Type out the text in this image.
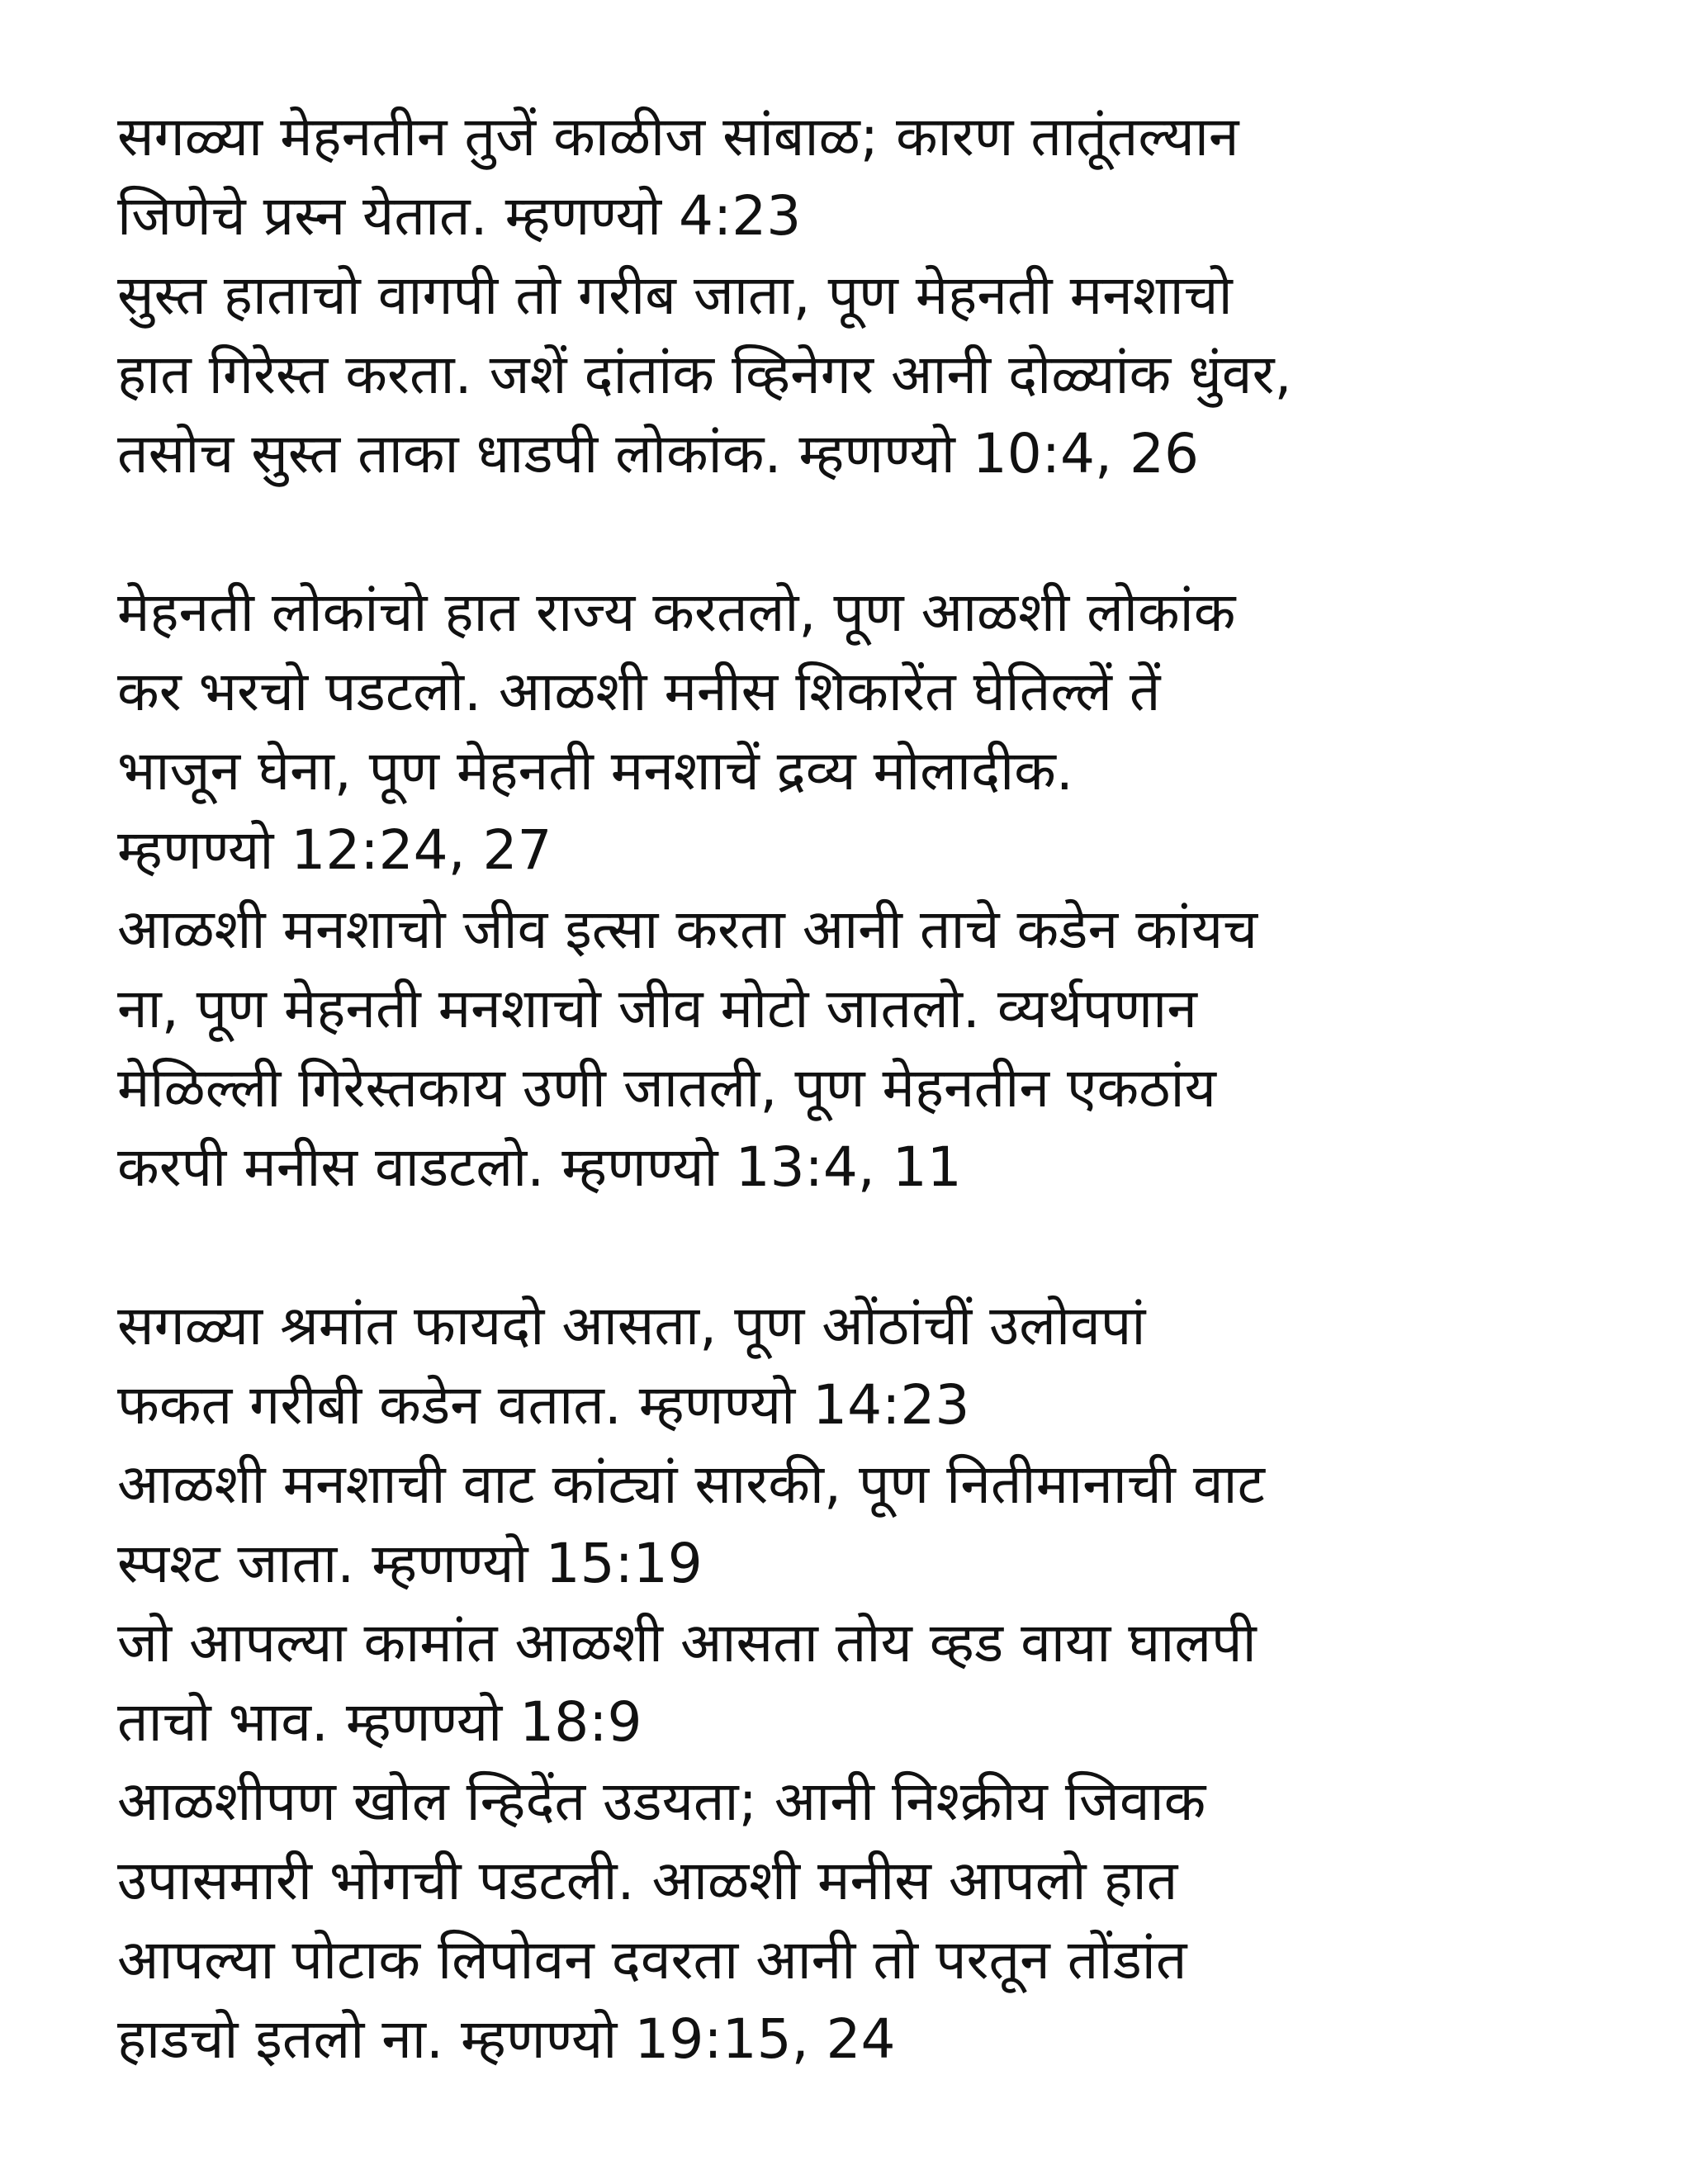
सगळ्या मेहनतीन तुजें काळीज सांबाळ; कारण तातूंतल्यान
जिणेचे प्रस्न येतात. म्हणण्यो 4:23
सुस्त हाताचो वागपी तो गरीब जाता, पूण मेहनती मनशाचो
हात गिरेस्त करता. जशें दांतांक व्हिनेगर आनी दोळ्यांक धुंवर,
तसोच सुस्त ताका धाडपी लोकांक. म्हणण्यो 10:4, 26
मेहनती लोकांचो हात राज्य करतलो, पूण आळशी लोकांक
कर भरचो पडटलो. आळशी मनीस शिकारेंत घेतिल्लें तें
भाजून घेना, पूण मेहनती मनशाचें द्रव्य मोलादीक.
म्हणण्यो 12:24, 27
आळशी मनशाचो जीव इत्सा करता आनी ताचे कडेन कांयच
ना, पूण मेहनती मनशाचो जीव मोटो जातलो. व्यर्थपणान
मेळिल्ली गिरेस्तकाय उणी जातली, पूण मेहनतीन एकठांय
करपी मनीस वाडटलो. म्हणण्यो 13:4, 11
सगळ्या श्रमांत फायदो आसता, पूण ओंठांचीं उलोवपां
फकत गरीबी कडेन वतात. म्हणण्यो 14:23
आळशी मनशाची वाट कांट्यां सारकी, पूण नितीमानाची वाट
स्पश्ट जाता. म्हणण्यो 15:19
जो आपल्या कामांत आळशी आसता तोय व्हड वाया घालपी
ताचो भाव. म्हणण्यो 18:9
आळशीपण खोल न्हिदेंत उडयता; आनी निश्क्रीय जिवाक
उपासमारी भोगची पडटली. आळशी मनीस आपलो हात
आपल्या पोटाक लिपोवन दवरता आनी तो परतून तोंडांत
हाडचो इतलो ना. म्हणण्यो 19:15, 24
